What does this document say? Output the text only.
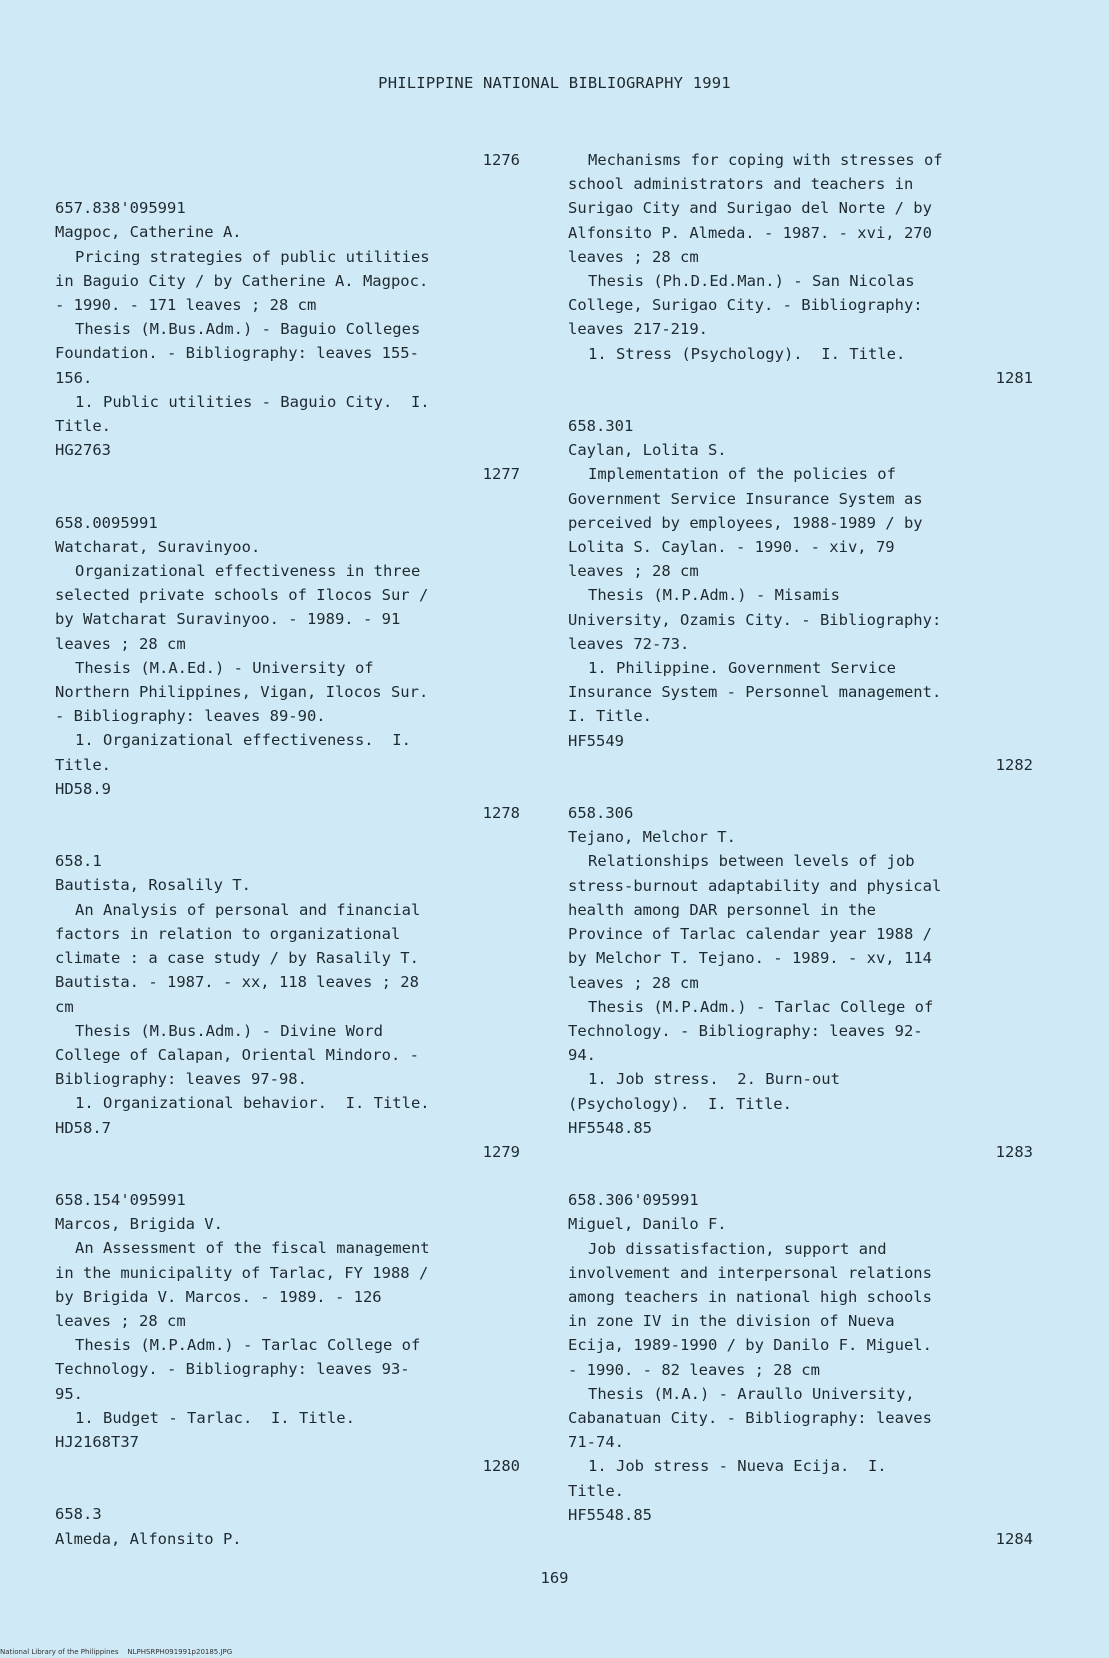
PHILIPPINE NATIONAL BIBLIOGRAPHY 1991
1276
657.838'095991
Magpoc, Catherine A.
Pricing strategies of public utilities
in Baguio City / by Catherine A. Magpoc.
- 1990. - 171 leaves ; 28 cm
Thesis (M.Bus.Adm.) - Baguio Colleges
Foundation. - Bibliography: leaves 155-
156.
1. Public utilities - Baguio City.  I.
Title.
HG2763
1277
658.0095991
Watcharat, Suravinyoo.
Organizational effectiveness in three
selected private schools of Ilocos Sur /
by Watcharat Suravinyoo. - 1989. - 91
leaves ; 28 cm
Thesis (M.A.Ed.) - University of
Northern Philippines, Vigan, Ilocos Sur.
- Bibliography: leaves 89-90.
1. Organizational effectiveness.  I.
Title.
HD58.9
1278
658.1
Bautista, Rosalily T.
An Analysis of personal and financial
factors in relation to organizational
climate : a case study / by Rasalily T.
Bautista. - 1987. - xx, 118 leaves ; 28
cm
Thesis (M.Bus.Adm.) - Divine Word
College of Calapan, Oriental Mindoro. -
Bibliography: leaves 97-98.
1. Organizational behavior.  I. Title.
HD58.7
1279
658.154'095991
Marcos, Brigida V.
An Assessment of the fiscal management
in the municipality of Tarlac, FY 1988 /
by Brigida V. Marcos. - 1989. - 126
leaves ; 28 cm
Thesis (M.P.Adm.) - Tarlac College of
Technology. - Bibliography: leaves 93-
95.
1. Budget - Tarlac.  I. Title.
HJ2168T37
1280
658.3
Almeda, Alfonsito P.
Mechanisms for coping with stresses of
school administrators and teachers in
Surigao City and Surigao del Norte / by
Alfonsito P. Almeda. - 1987. - xvi, 270
leaves ; 28 cm
Thesis (Ph.D.Ed.Man.) - San Nicolas
College, Surigao City. - Bibliography:
leaves 217-219.
1. Stress (Psychology).  I. Title.
1281
658.301
Caylan, Lolita S.
Implementation of the policies of
Government Service Insurance System as
perceived by employees, 1988-1989 / by
Lolita S. Caylan. - 1990. - xiv, 79
leaves ; 28 cm
Thesis (M.P.Adm.) - Misamis
University, Ozamis City. - Bibliography:
leaves 72-73.
1. Philippine. Government Service
Insurance System - Personnel management.
I. Title.
HF5549
1282
658.306
Tejano, Melchor T.
Relationships between levels of job
stress-burnout adaptability and physical
health among DAR personnel in the
Province of Tarlac calendar year 1988 /
by Melchor T. Tejano. - 1989. - xv, 114
leaves ; 28 cm
Thesis (M.P.Adm.) - Tarlac College of
Technology. - Bibliography: leaves 92-
94.
1. Job stress.  2. Burn-out
(Psychology).  I. Title.
HF5548.85
1283
658.306'095991
Miguel, Danilo F.
Job dissatisfaction, support and
involvement and interpersonal relations
among teachers in national high schools
in zone IV in the division of Nueva
Ecija, 1989-1990 / by Danilo F. Miguel.
- 1990. - 82 leaves ; 28 cm
Thesis (M.A.) - Araullo University,
Cabanatuan City. - Bibliography: leaves
71-74.
1. Job stress - Nueva Ecija.  I.
Title.
HF5548.85
1284
169
National Library of the Philippines NLPHSRPH091991p20185.JPG
